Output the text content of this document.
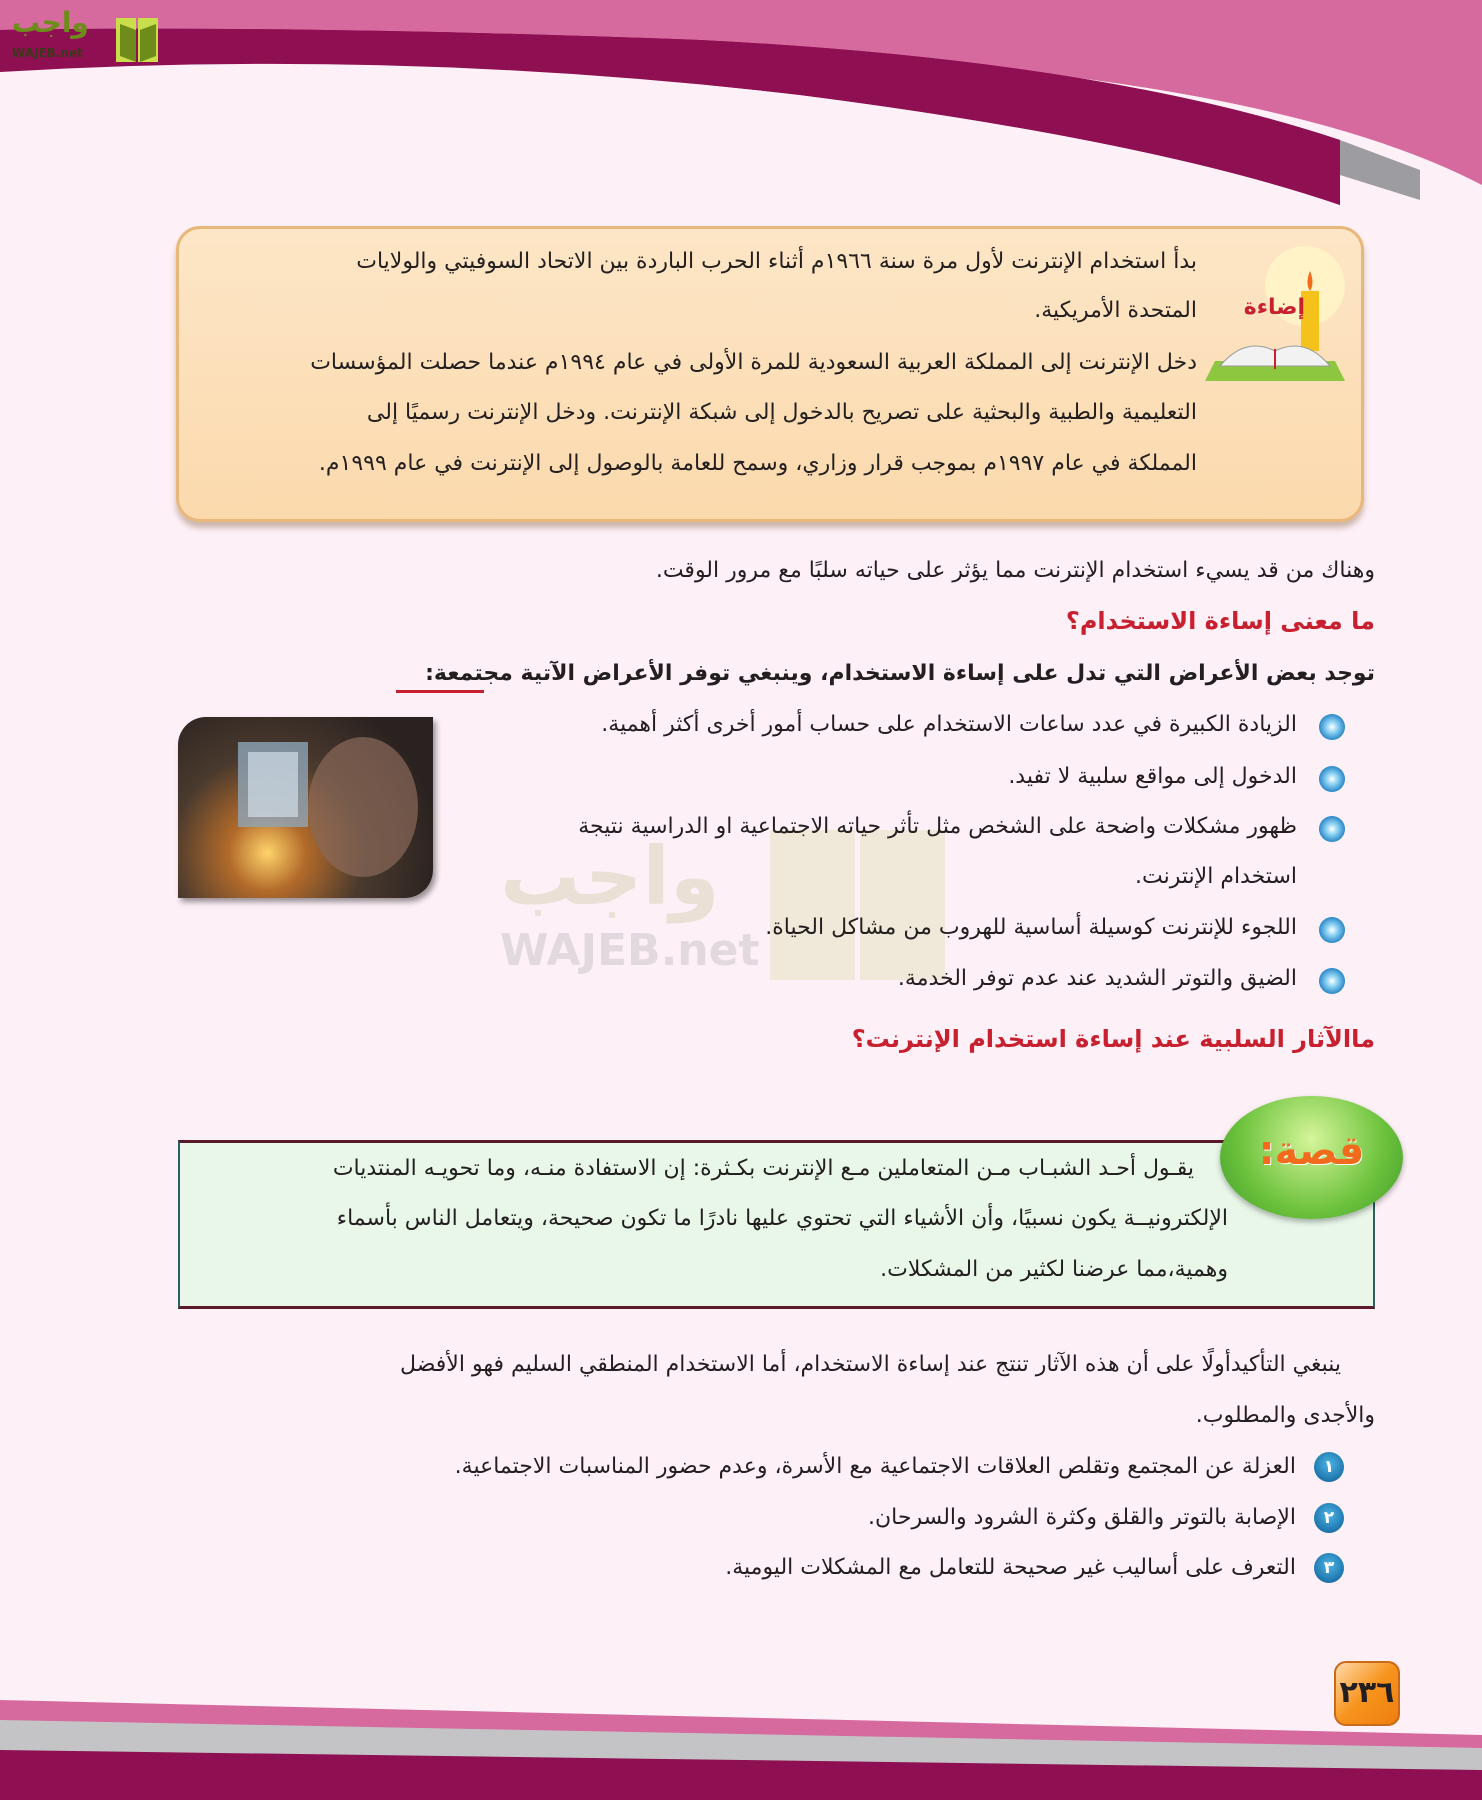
واجب
WAJEB.net
إضاءة
بدأ استخدام الإنترنت لأول مرة سنة ١٩٦٦م أثناء الحرب الباردة بين الاتحاد السوفيتي والولايات
المتحدة الأمريكية.
دخل الإنترنت إلى المملكة العربية السعودية للمرة الأولى في عام ١٩٩٤م عندما حصلت المؤسسات
التعليمية والطبية والبحثية على تصريح بالدخول إلى شبكة الإنترنت. ودخل الإنترنت رسميًا إلى
المملكة في عام ١٩٩٧م بموجب قرار وزاري، وسمح للعامة بالوصول إلى الإنترنت في عام ١٩٩٩م.
وهناك من قد يسيء استخدام الإنترنت مما يؤثر على حياته سلبًا مع مرور الوقت.
ما معنى إساءة الاستخدام؟
توجد بعض الأعراض التي تدل على إساءة الاستخدام، وينبغي توفر الأعراض الآتية مجتمعة:
واجب
WAJEB.net
الزيادة الكبيرة في عدد ساعات الاستخدام على حساب أمور أخرى أكثر أهمية.
الدخول إلى مواقع سلبية لا تفيد.
ظهور مشكلات واضحة على الشخص مثل تأثر حياته الاجتماعية او الدراسية نتيجة
استخدام الإنترنت.
اللجوء للإنترنت كوسيلة أساسية للهروب من مشاكل الحياة.
الضيق والتوتر الشديد عند عدم توفر الخدمة.
ماالآثار السلبية عند إساءة استخدام الإنترنت؟
قصة:
يقـول أحـد الشبـاب مـن المتعاملين مـع الإنترنت بكـثرة: إن الاستفادة منـه، وما تحويـه المنتديات
الإلكترونيــة يكون نسبيًا، وأن الأشياء التي تحتوي عليها نادرًا ما تكون صحيحة، ويتعامل الناس بأسماء
وهمية،مما عرضنا لكثير من المشكلات.
ينبغي التأكيدأولًا على أن هذه الآثار تنتج عند إساءة الاستخدام، أما الاستخدام المنطقي السليم فهو الأفضل
والأجدى والمطلوب.
١
العزلة عن المجتمع وتقلص العلاقات الاجتماعية مع الأسرة، وعدم حضور المناسبات الاجتماعية.
٢
الإصابة بالتوتر والقلق وكثرة الشرود والسرحان.
٣
التعرف على أساليب غير صحيحة للتعامل مع المشكلات اليومية.
٢٣٦
